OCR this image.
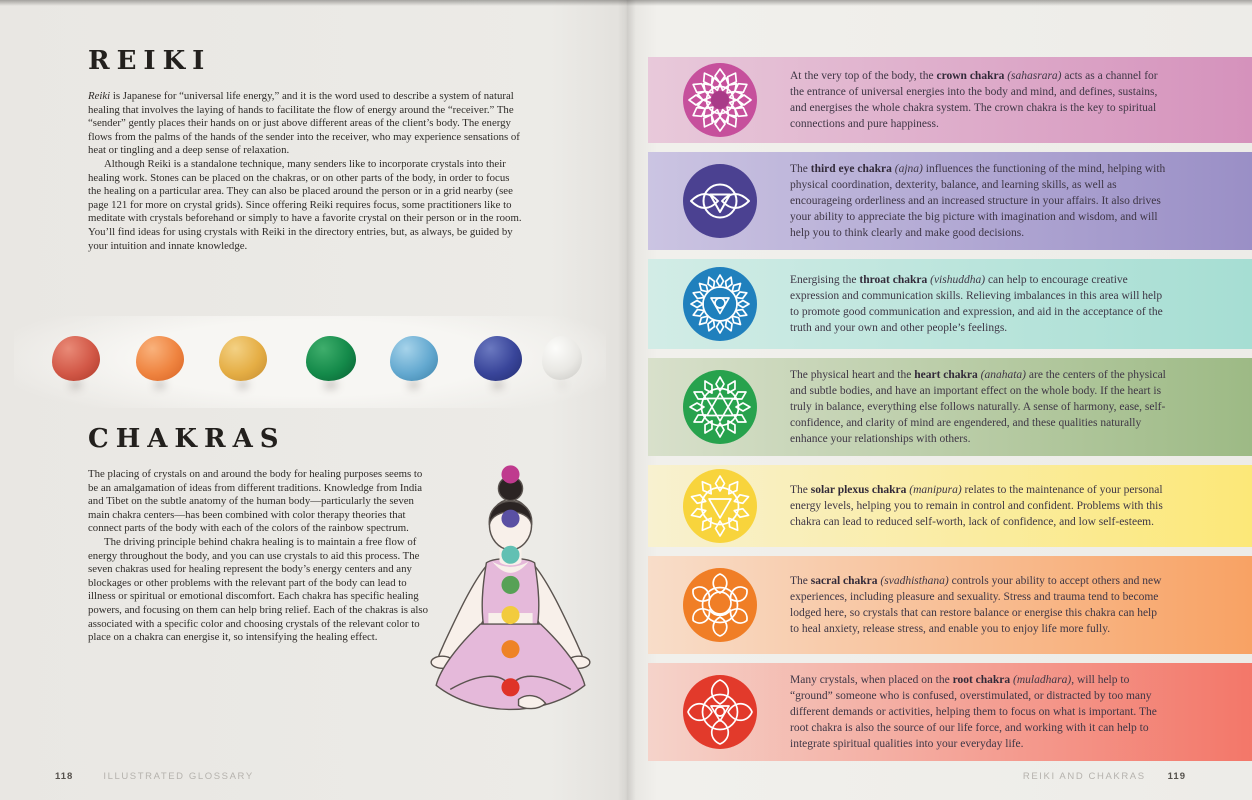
REIKI

Reiki is Japanese for “universal life energy,” and it is the word used to describe a system of natural healing that involves the laying of hands to facilitate the flow of energy around the “receiver.” The “sender” gently places their hands on or just above different areas of the client’s body. The energy flows from the palms of the hands of the sender into the receiver, who may experience sensations of heat or tingling and a deep sense of relaxation.

Although Reiki is a standalone technique, many senders like to incorporate crystals into their healing work. Stones can be placed on the chakras, or on other parts of the body, in order to focus the healing on a particular area. They can also be placed around the person or in a grid nearby (see page 121 for more on crystal grids). Since offering Reiki requires focus, some practitioners like to meditate with crystals beforehand or simply to have a favorite crystal on their person or in the room. You’ll find ideas for using crystals with Reiki in the directory entries, but, as always, be guided by your intuition and innate knowledge.

CHAKRAS

The placing of crystals on and around the body for healing purposes seems to be an amalgamation of ideas from different traditions. Knowledge from India and Tibet on the subtle anatomy of the human body—particularly the seven main chakra centers—has been combined with color therapy theories that connect parts of the body with each of the colors of the rainbow spectrum.

The driving principle behind chakra healing is to maintain a free flow of energy throughout the body, and you can use crystals to aid this process. The seven chakras used for healing represent the body’s energy centers and any blockages or other problems with the relevant part of the body can lead to illness or spiritual or emotional discomfort. Each chakra has specific healing powers, and focusing on them can help bring relief. Each of the chakras is also associated with a specific color and choosing crystals of the relevant color to place on a chakra can energise it, so intensifying the healing effect.

118	ILLUSTRATED GLOSSARY

At the very top of the body, the crown chakra (sahasrara) acts as a channel for the entrance of universal energies into the body and mind, and defines, sustains, and energises the whole chakra system. The crown chakra is the key to spiritual connections and pure happiness.

The third eye chakra (ajna) influences the functioning of the mind, helping with physical coordination, dexterity, balance, and learning skills, as well as encourageing orderliness and an increased structure in your affairs. It also drives your ability to appreciate the big picture with imagination and wisdom, and will help you to think clearly and make good decisions.

Energising the throat chakra (vishuddha) can help to encourage creative expression and communication skills. Relieving imbalances in this area will help to promote good communication and expression, and aid in the acceptance of the truth and your own and other people’s feelings.

The physical heart and the heart chakra (anahata) are the centers of the physical and subtle bodies, and have an important effect on the whole body. If the heart is truly in balance, everything else follows naturally. A sense of harmony, ease, self-confidence, and clarity of mind are engendered, and these qualities naturally enhance your relationships with others.

The solar plexus chakra (manipura) relates to the maintenance of your personal energy levels, helping you to remain in control and confident. Problems with this chakra can lead to reduced self-worth, lack of confidence, and low self-esteem.

The sacral chakra (svadhisthana) controls your ability to accept others and new experiences, including pleasure and sexuality. Stress and trauma tend to become lodged here, so crystals that can restore balance or energise this chakra can help to heal anxiety, release stress, and enable you to enjoy life more fully.

Many crystals, when placed on the root chakra (muladhara), will help to “ground” someone who is confused, overstimulated, or distracted by too many different demands or activities, helping them to focus on what is important. The root chakra is also the source of our life force, and working with it can help to integrate spiritual qualities into your everyday life.

REIKI AND CHAKRAS 119
